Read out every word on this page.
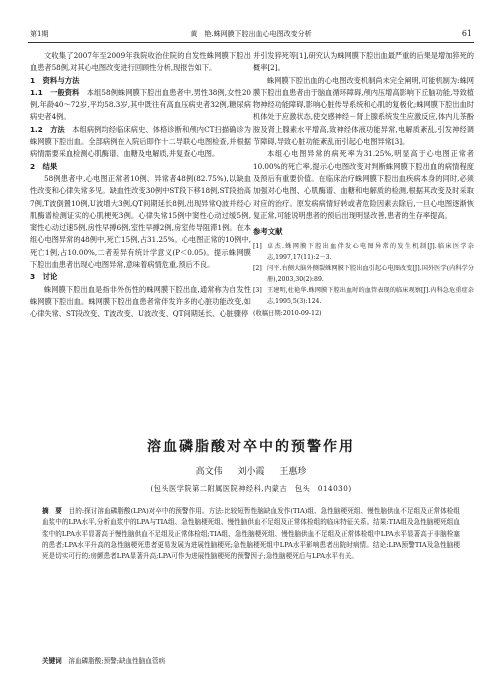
第1期	黄　艳.蛛网膜下腔出血心电图改变分析	61

文收集了2007年至2009年我院收治住院的自发性蛛网膜下腔出血患者58例,对其心电图改变进行回顾性分析,现报告如下。

1　资料与方法

1.1　一般资料　 本组58例蛛网膜下腔出血患者中,男性38例,女性20例,年龄40～72岁,平均58.3岁,其中既往有高血压病史者32例,糖尿病病史者4例。

1.2　方法　 本组病例均经临床病史、体格诊断和颅内CT扫描确诊为蛛网膜下腔出血。全部病例在入院后即作十二导联心电图检查,并根据病情需要采血检测心肌酶谱、血糖及电解质,并复查心电图。

2　结果

58例患者中,心电图正常者10例、异常者48例(82.75%),以缺血性改变和心律失常多见。缺血性改变30例中ST段下移18例,ST段抬高7例,T波倒置10例,U波增大3例,QT间期延长8例,出现异常Q波并经心肌酶谱检测证实的心肌梗死3例。心律失常15例中窦性心动过缓5例,窦性心动过速5例,房性早搏6例,室性早搏2例,房室传导阻滞1例。在本组心电图异常的48例中,死亡15例,占31.25%。心电图正常的10例中,死亡1例,占10.00%,二者差异有统计学意义(P＜0.05)。提示蛛网膜下腔出血患者出现心电图异常,意味着病情危重,预后不良。

3　讨论

蛛网膜下腔出血是指非外伤性的蛛网膜下腔出血,通常称为自发性蛛网膜下腔出血。蛛网膜下腔出血患者常伴发许多的心脏功能改变,如心律失常、ST段改变、T波改变、U波改变、QT间期延长、心脏骤停

并引发猝死等[1],研究认为蛛网膜下腔出血最严重的后果是增加猝死的概率[2]。

蛛网膜下腔出血的心电图改变机制尚未完全阐明,可能机制为:蛛网膜下腔出血患者由于脑血循环障碍,颅内压增高影响下丘脑功能,导致植物神经功能障碍,影响心脏传导系统和心肌的复极化;蛛网膜下腔出血时机体处于应激状态,使交感神经－肾上腺系统发生应激反应,体内儿茶酚胺及肾上腺素水平增高,致神经体液功能异常,电解质紊乱,引发神经调节障碍,导致心脏功能紊乱而引起心电图异常[3]。

本组心电图异常的病死率为31.25%,明显高于心电图正常者10.00%的死亡率,提示心电图改变对判断蛛网膜下腔出血的病情程度及预后有重要价值。在临床治疗蛛网膜下腔出血疾病本身的同时,必须加强对心电图、心肌酶谱、血糖和电解质的检测,根据其改变及时采取对应的治疗。原发病病情好转或者危险因素去除后,一旦心电图逐渐恢复正常,可能说明患者的预后出现明显改善,患者的生存率提高。

参考文献

[1] 卓杰.蛛网膜下腔出血伴发心电图异常的发生机制[J].临床医学杂志,1997,17(11):2－3.
[2] 闫平.右侧大脑外侧裂蛛网膜下腔出血引起心电图改变[J].国外医学(内科学分册),2003,30(2):89.
[3] 王建明,杜艳华.蛛网膜下腔出血时的血管表现的临床观察[J].内科急危重症杂志,1995,5(3):124.

(收稿日期:2010-09-12)

溶血磷脂酸对卒中的预警作用
高文伟 刘小霞 王惠珍
(包头医学院第二附属医院神经科,内蒙古　包头　014030)
摘　要　 目的:探讨溶血磷脂酸(LPA)对卒中的预警作用。方法:比较短暂性脑缺血发作(TIA)组、急性脑梗死组、慢性脑供血不足组及正常体检组血浆中的LPA水平,分析血浆中的LPA与TIA组、急性脑梗死组、慢性脑供血不足组及正常体检组的临床特征关系。结果:TIA组及急性脑梗死组血浆中的LPA水平显著高于慢性脑供血不足组及正常体检组;TIA组、急性脑梗死组、慢性脑供血不足组及正常体检组中LPA水平显著高于非脑栓塞的患者;LPA水平升高的急性脑梗死患者更易发展为进展性脑梗死;急性脑梗死组中LPA水平影响患者出院时病情。结论:LPA预警TIA及急性脑梗死是切实可行的;房颤患者LPA显著升高;LPA可作为进展性脑梗死的预警因子;急性脑梗死后与LPA水平有关。
关键词　 溶血磷脂酸;预警;缺血性脑血管病
